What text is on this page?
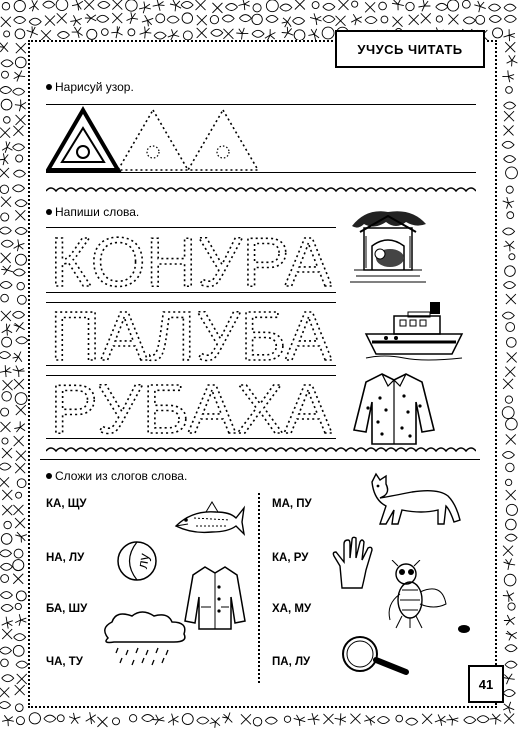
УЧУСЬ ЧИТАТЬ
Нарисуй узор.
Напиши слова.
КОНУРА
ПАЛУБА
РУБАХА
Сложи из слогов слова.
КА, ЩУ
НА, ЛУ
БА, ШУ
ЧА, ТУ
МА, ПУ
КА, РУ
ХА, МУ
ПА, ЛУ
лу
41
